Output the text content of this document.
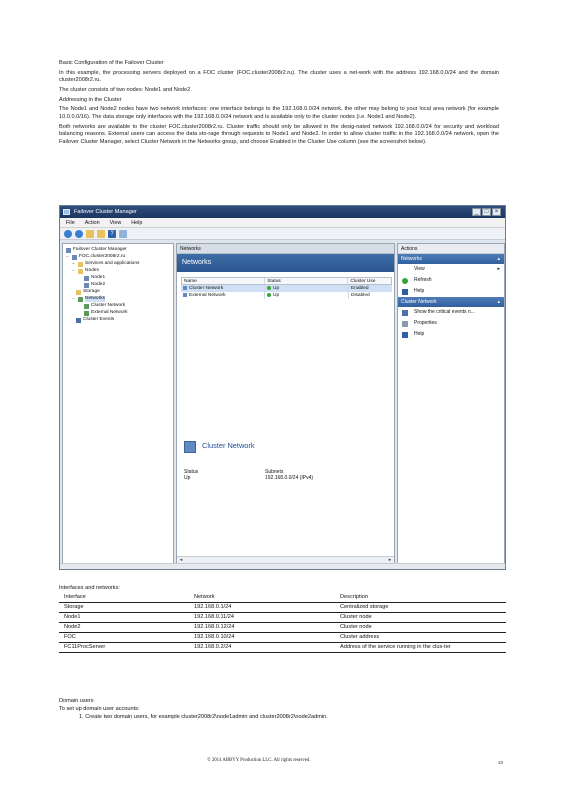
Basic Configuration of the Failover Cluster

In this example, the processing servers deployed on a FOC cluster (FOC.cluster2008r2.ru). The cluster uses a net-work with the address 192.168.0.0/24 and the domain cluster2008r2.ru.

The cluster consists of two nodes: Node1 and Node2.

Addressing in the Cluster

The Node1 and Node2 nodes have two network interfaces: one interface belongs to the 192.168.0.0/24 network, the other may belong to your local area network (for example 10.0.0.0/16). The data storage only interfaces with the 192.168.0.0/24 network and is available only to the cluster nodes (i.e. Node1 and Node2).

Both networks are available to the cluster FOC.cluster2008r2.ru. Cluster traffic should only be allowed in the desig-nated network 192.168.0.0/24 for security and workload balancing reasons. External users can access the data sto-rage through requests to Node1 and Node2. In order to allow cluster traffic in the 192.168.0.0/24 network, open the Failover Cluster Manager, select Cluster Network in the Networks group, and choose Enabled in the Cluster Use column (see the screenshot below).

Failover Cluster Manager	_	□	×
File Action View Help
?
Failover Cluster Manager
− FOC.cluster2008r2.ru
+ Services and applications
− Nodes
Node1
Node2
Storage
− Networks
Cluster Network
External Network
Cluster Events
Networks
Networks
Name	Status	Cluster Use
Cluster Network	Up	Enabled
External Network	Up	Disabled
Cluster Network
Status
Up
Subnets
192.168.0.0/24 (IPv4)
◂	▸
Actions
Networks	▴
View	▸
Refresh
Help
Cluster Network	▴
Show the critical events n...
Properties
Help
Interfaces and networks:
Interface	Network	Description
Storage	192.168.0.1/24	Centralized storage
Node1	192.168.0.11/24	Cluster node
Node2	192.168.0.12/24	Cluster node
FOC	192.168.0.10/24	Cluster address
FC11ProcServer	192.168.0.2/24	Address of the service running in the clus-ter
Domain users
To set up domain user accounts:
1. Create two domain users, for example cluster2008r2\node1admin and cluster2008r2\node2admin.
© 2014 ABBYY Production LLC. All rights reserved.	10
